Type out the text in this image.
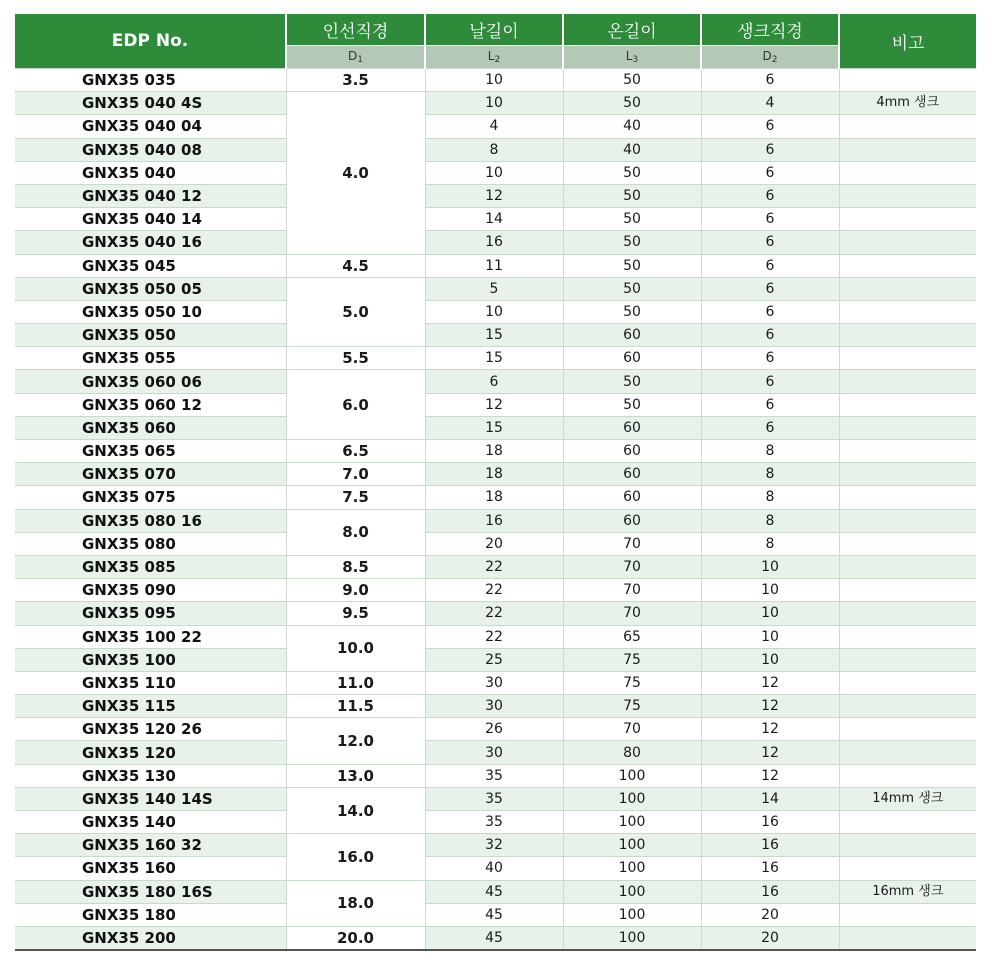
EDP No.	인선직경	날길이	온길이	생크직경	비고
	D1	L2	L3	D2	
GNX35 035	3.5	10	50	6	
GNX35 040 4S	4.0	10	50	4	4mm 생크
GNX35 040 04		4	40	6	
GNX35 040 08		8	40	6	
GNX35 040		10	50	6	
GNX35 040 12		12	50	6	
GNX35 040 14		14	50	6	
GNX35 040 16		16	50	6	
GNX35 045	4.5	11	50	6	
GNX35 050 05	5.0	5	50	6	
GNX35 050 10		10	50	6	
GNX35 050		15	60	6	
GNX35 055	5.5	15	60	6	
GNX35 060 06	6.0	6	50	6	
GNX35 060 12		12	50	6	
GNX35 060		15	60	6	
GNX35 065	6.5	18	60	8	
GNX35 070	7.0	18	60	8	
GNX35 075	7.5	18	60	8	
GNX35 080 16	8.0	16	60	8	
GNX35 080		20	70	8	
GNX35 085	8.5	22	70	10	
GNX35 090	9.0	22	70	10	
GNX35 095	9.5	22	70	10	
GNX35 100 22	10.0	22	65	10	
GNX35 100		25	75	10	
GNX35 110	11.0	30	75	12	
GNX35 115	11.5	30	75	12	
GNX35 120 26	12.0	26	70	12	
GNX35 120		30	80	12	
GNX35 130	13.0	35	100	12	
GNX35 140 14S	14.0	35	100	14	14mm 생크
GNX35 140		35	100	16	
GNX35 160 32	16.0	32	100	16	
GNX35 160		40	100	16	
GNX35 180 16S	18.0	45	100	16	16mm 생크
GNX35 180		45	100	20	
GNX35 200	20.0	45	100	20	
